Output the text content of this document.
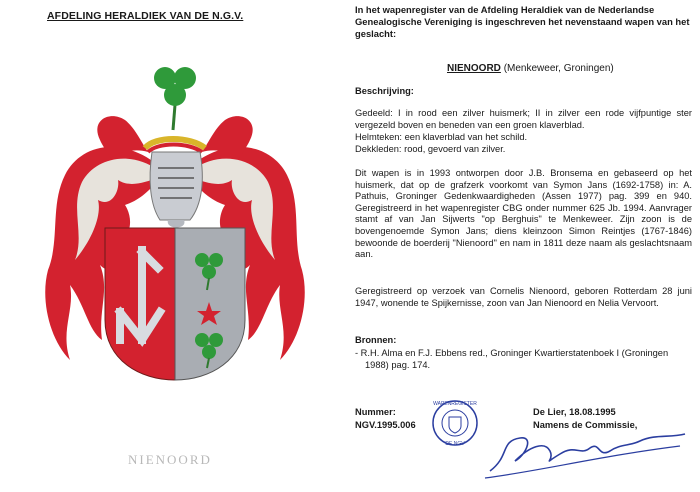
AFDELING HERALDIEK VAN DE N.G.V.
NIENOORD
In het wapenregister van de Afdeling Heraldiek van de Nederlandse Genealogische Vereniging is ingeschreven het nevenstaand wapen van het geslacht:
NIENOORD (Menkeweer, Groningen)
Beschrijving:
Gedeeld: I in rood een zilver huismerk; II in zilver een rode vijfpuntige ster vergezeld boven en beneden van een groen klaverblad.
Helmteken: een klaverblad van het schild.
Dekkleden: rood, gevoerd van zilver.
Dit wapen is in 1993 ontworpen door J.B. Bronsema en gebaseerd op het huismerk, dat op de grafzerk voorkomt van Symon Jans (1692-1758) in: A. Pathuis, Groninger Gedenkwaardigheden (Assen 1977) pag. 399 en 940. Geregistreerd in het wapenregister CBG onder nummer 625 Jb. 1994. Aanvrager stamt af van Jan Sijwerts "op Berghuis" te Menkeweer. Zijn zoon is de bovengenoemde Symon Jans; diens kleinzoon Simon Reintjes (1767-1846) bewoonde de boerderij "Nienoord" en nam in 1811 deze naam als geslachtsnaam aan.
Geregistreerd op verzoek van Cornelis Nienoord, geboren Rotterdam 28 juni 1947, wonende te Spijkernisse, zoon van Jan Nienoord en Nelia Vervoort.
Bronnen:
- R.H. Alma en F.J. Ebbens red., Groninger Kwartierstatenboek I (Groningen 1988) pag. 174.
Nummer:
NGV.1995.006
WAPENREGISTER
DE NGV
De Lier, 18.08.1995
Namens de Commissie,
